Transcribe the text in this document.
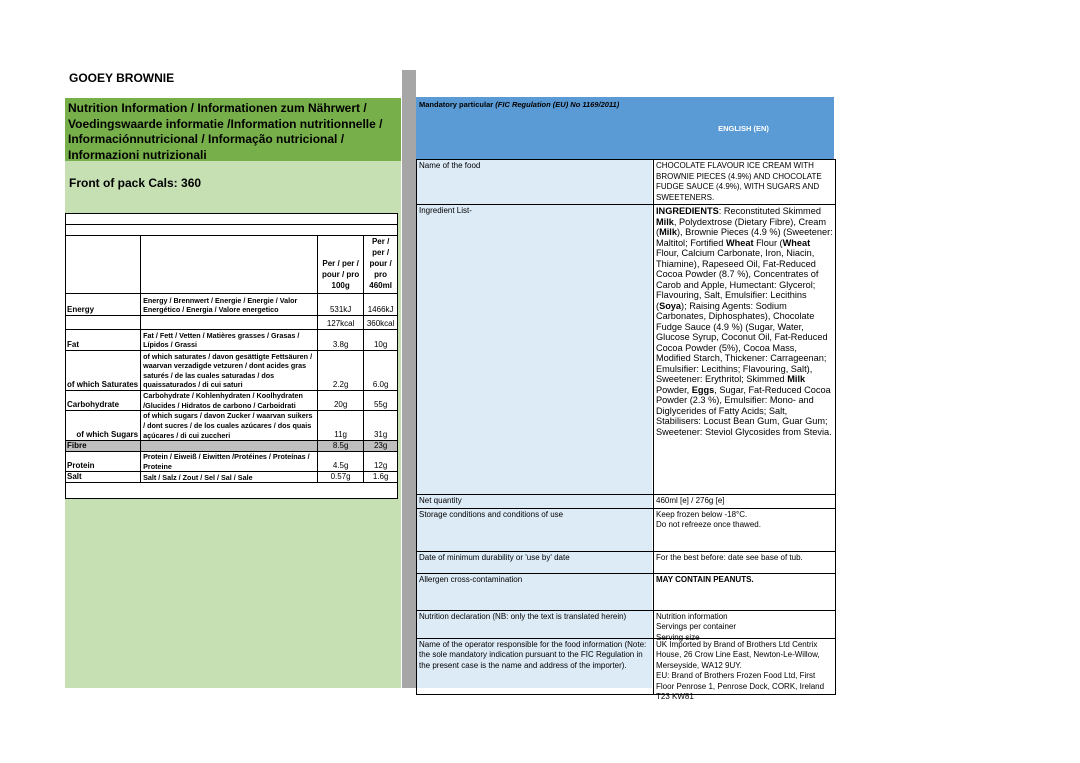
GOOEY BROWNIE
Nutrition Information / Informationen zum Nährwert / Voedingswaarde informatie /Information nutritionnelle / Informaciónnutricional / Informação nutricional / Informazioni nutrizionali
Front of pack Cals: 360

		Per / per / pour / pro 100g	Per / per / pour / pro 460ml
Energy	Energy / Brennwert / Energie / Energie / Valor Energético / Energia / Valore energetico	531kJ	1466kJ
		127kcal	360kcal
Fat	Fat / Fett / Vetten / Matières grasses / Grasas / Lípidos / Grassi	3.8g	10g
of which Saturates	of which saturates / davon gesättigte Fettsäuren / waarvan verzadigde vetzuren / dont acides gras saturés / de las cuales saturadas / dos quaissaturados / di cui saturi	2.2g	6.0g
Carbohydrate	Carbohydrate / Kohlenhydraten / Koolhydraten /Glucides / Hidratos de carbono / Carboidrati	20g	55g
of which Sugars	of which sugars / davon Zucker / waarvan suikers / dont sucres / de los cuales azúcares / dos quais açúcares / di cui zuccheri	11g	31g
Fibre		8.5g	23g
Protein	Protein / Eiweiß / Eiwitten /Protéines / Proteínas / Proteine	4.5g	12g
Salt	Salt / Salz / Zout / Sel / Sal / Sale	0.57g	1.6g

Mandatory particular (FIC Regulation (EU) No 1169/2011)
ENGLISH (EN)
Name of the food	CHOCOLATE FLAVOUR ICE CREAM WITH BROWNIE PIECES (4.9%) AND CHOCOLATE FUDGE SAUCE (4.9%), WITH SUGARS AND SWEETENERS.
Ingredient List-	INGREDIENTS: Reconstituted Skimmed Milk, Polydextrose (Dietary Fibre), Cream (Milk), Brownie Pieces (4.9 %) (Sweetener: Maltitol; Fortified Wheat Flour (Wheat Flour, Calcium Carbonate, Iron, Niacin, Thiamine), Rapeseed Oil, Fat-Reduced Cocoa Powder (8.7 %), Concentrates of Carob and Apple, Humectant: Glycerol; Flavouring, Salt, Emulsifier: Lecithins (Soya); Raising Agents: Sodium Carbonates, Diphosphates), Chocolate Fudge Sauce (4.9 %) (Sugar, Water, Glucose Syrup, Coconut Oil, Fat-Reduced Cocoa Powder (5%), Cocoa Mass, Modified Starch, Thickener: Carrageenan; Emulsifier: Lecithins; Flavouring, Salt), Sweetener: Erythritol; Skimmed Milk Powder, Eggs, Sugar, Fat-Reduced Cocoa Powder (2.3 %), Emulsifier: Mono- and Diglycerides of Fatty Acids; Salt, Stabilisers: Locust Bean Gum, Guar Gum; Sweetener: Steviol Glycosides from Stevia.
Net quantity	460ml [e] / 276g [e]
Storage conditions and conditions of use	Keep frozen below -18°C.
Do not refreeze once thawed.

Date of minimum durability or 'use by' date	For the best before: date see base of tub.
Allergen cross-contamination	MAY CONTAIN PEANUTS.
Nutrition declaration (NB: only the text is translated herein)	Nutrition information
Servings per container
Serving size

Name of the operator responsible for the food information (Note: the sole mandatory indication pursuant to the FIC Regulation in the present case is the name and address of the importer).	UK Imported by Brand of Brothers Ltd Centrix House, 26 Crow Line East, Newton-Le-Willow, Merseyside, WA12 9UY.
EU: Brand of Brothers Frozen Food Ltd, First Floor Penrose 1, Penrose Dock, CORK, Ireland T23 KW81
